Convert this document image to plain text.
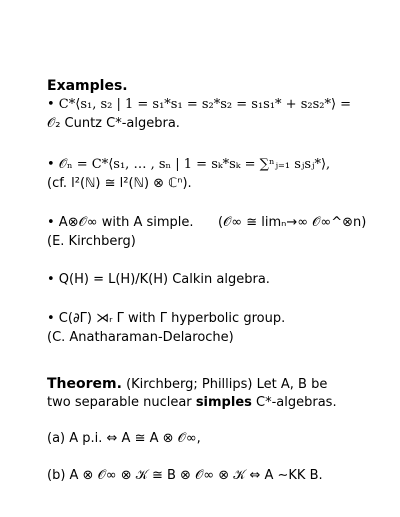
Examples.
• C*⟨s₁, s₂ | 1 = s₁*s₁ = s₂*s₂ = s₁s₁* + s₂s₂*⟩ =
𝒪₂ Cuntz C*-algebra.
• 𝒪ₙ = C*⟨s₁, … , sₙ | 1 = sₖ*sₖ = ∑ⁿⱼ₌₁ sⱼsⱼ*⟩,
(cf. l²(ℕ) ≅ l²(ℕ) ⊗ ℂⁿ).
• A⊗𝒪∞ with A simple. (𝒪∞ ≅ limₙ→∞ 𝒪∞^⊗n)
(E. Kirchberg)
• Q(H) = L(H)/K(H) Calkin algebra.
• C(∂Γ) ⋊ᵣ Γ with Γ hyperbolic group.
(C. Anatharaman-Delaroche)
Theorem. (Kirchberg; Phillips) Let A, B be
two separable nuclear simples C*-algebras.
(a) A p.i. ⇔ A ≅ A ⊗ 𝒪∞,
(b) A ⊗ 𝒪∞ ⊗ 𝒦 ≅ B ⊗ 𝒪∞ ⊗ 𝒦 ⇔ A ∼KK B.
